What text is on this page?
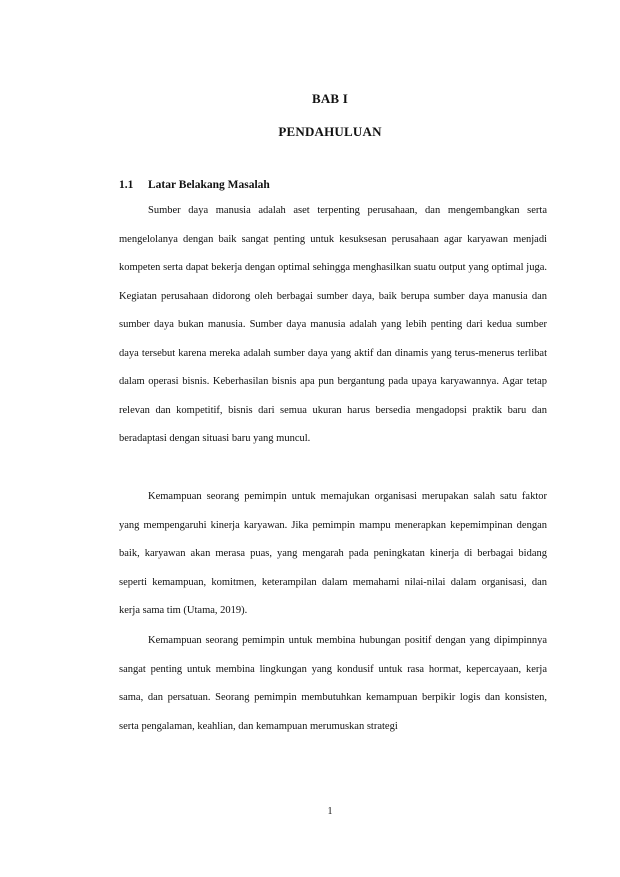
BAB I
PENDAHULUAN
1.1 Latar Belakang Masalah

Sumber daya manusia adalah aset terpenting perusahaan, dan mengembangkan serta mengelolanya dengan baik sangat penting untuk kesuksesan perusahaan agar karyawan menjadi kompeten serta dapat bekerja dengan optimal sehingga menghasilkan suatu output yang optimal juga. Kegiatan perusahaan didorong oleh berbagai sumber daya, baik berupa sumber daya manusia dan sumber daya bukan manusia. Sumber daya manusia adalah yang lebih penting dari kedua sumber daya tersebut karena mereka adalah sumber daya yang aktif dan dinamis yang terus-menerus terlibat dalam operasi bisnis. Keberhasilan bisnis apa pun bergantung pada upaya karyawannya. Agar tetap relevan dan kompetitif, bisnis dari semua ukuran harus bersedia mengadopsi praktik baru dan beradaptasi dengan situasi baru yang muncul.

Kemampuan seorang pemimpin untuk memajukan organisasi merupakan salah satu faktor yang mempengaruhi kinerja karyawan. Jika pemimpin mampu menerapkan kepemimpinan dengan baik, karyawan akan merasa puas, yang mengarah pada peningkatan kinerja di berbagai bidang seperti kemampuan, komitmen, keterampilan dalam memahami nilai-nilai dalam organisasi, dan kerja sama tim (Utama, 2019).

Kemampuan seorang pemimpin untuk membina hubungan positif dengan yang dipimpinnya sangat penting untuk membina lingkungan yang kondusif untuk rasa hormat, kepercayaan, kerja sama, dan persatuan. Seorang pemimpin membutuhkan kemampuan berpikir logis dan konsisten, serta pengalaman, keahlian, dan kemampuan merumuskan strategi

1
